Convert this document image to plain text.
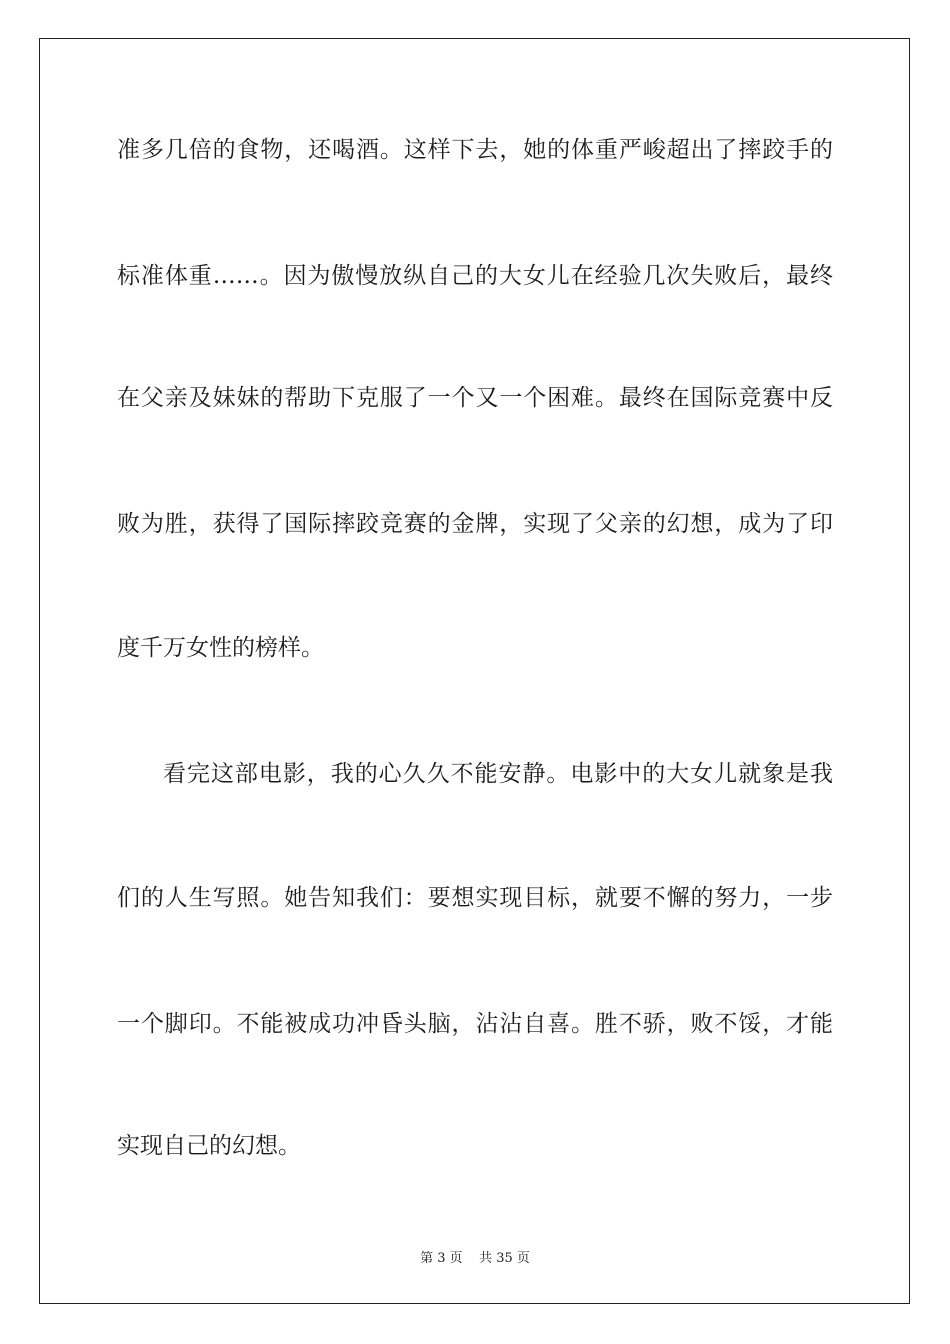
准多几倍的食物，还喝酒。这样下去，她的体重严峻超出了摔跤手的
标准体重……。因为傲慢放纵自己的大女儿在经验几次失败后，最终
在父亲及妹妹的帮助下克服了一个又一个困难。最终在国际竞赛中反
败为胜，获得了国际摔跤竞赛的金牌，实现了父亲的幻想，成为了印
度千万女性的榜样。
看完这部电影，我的心久久不能安静。电影中的大女儿就象是我
们的人生写照。她告知我们：要想实现目标，就要不懈的努力，一步
一个脚印。不能被成功冲昏头脑，沾沾自喜。胜不骄，败不馁，才能
实现自己的幻想。
第 3 页    共 35 页
